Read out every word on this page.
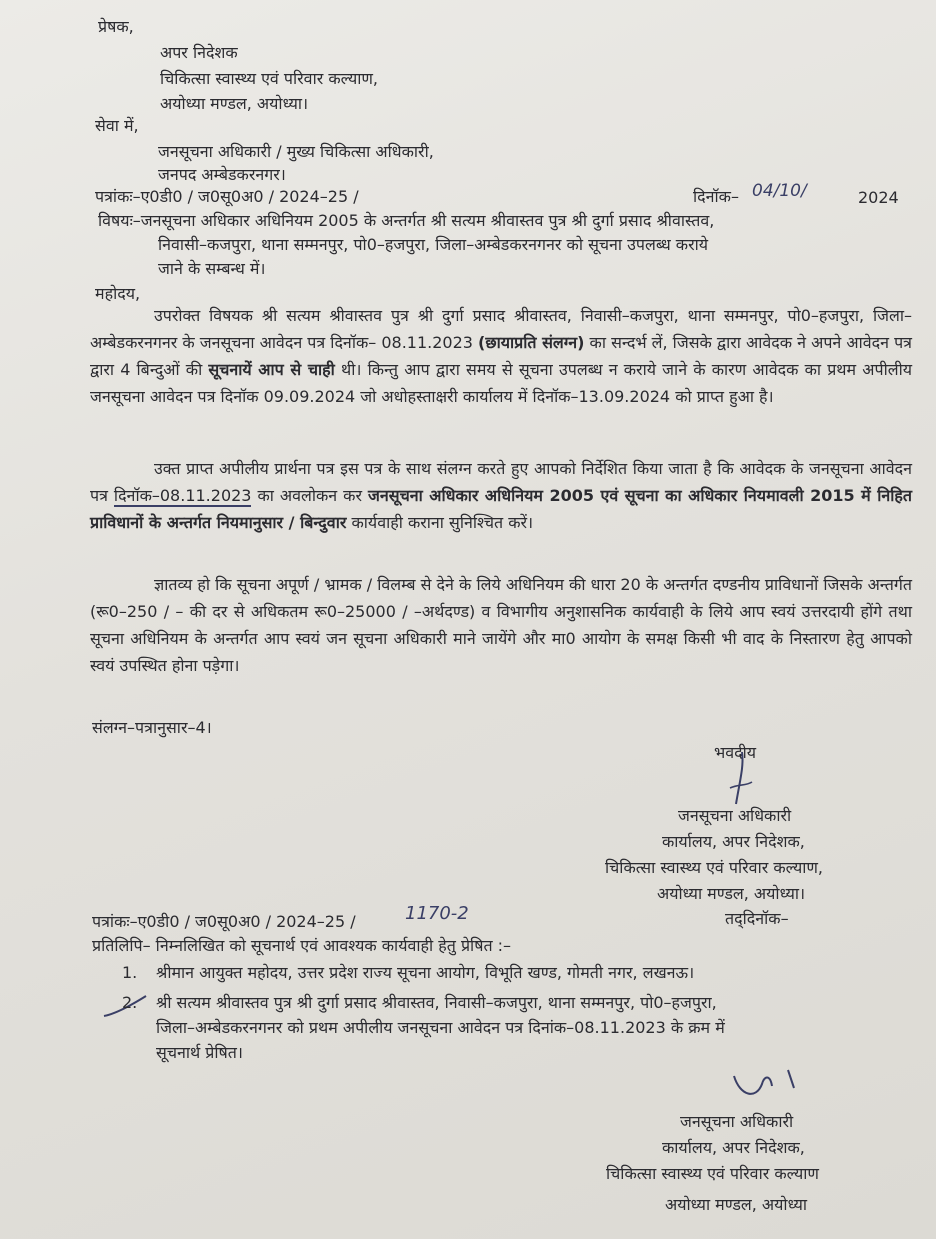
प्रेषक,
अपर निदेशक
चिकित्सा स्वास्थ्य एवं परिवार कल्याण,
अयोध्या मण्डल, अयोध्या।
सेवा में,
जनसूचना अधिकारी / मुख्य चिकित्सा अधिकारी,
जनपद अम्बेडकरनगर।
पत्रांकः–ए0डी0 / ज0सू0अ0 / 2024–25 /	दिनॉक– 04/10/	2024
विषयः–जनसूचना अधिकार अधिनियम 2005 के अन्तर्गत श्री सत्यम श्रीवास्तव पुत्र श्री दुर्गा प्रसाद श्रीवास्तव,
निवासी–कजपुरा, थाना सम्मनपुर, पो0–हजपुरा, जिला–अम्बेडकरनगनर को सूचना उपलब्ध कराये
जाने के सम्बन्ध में।
महोदय,
उपरोक्त विषयक श्री सत्यम श्रीवास्तव पुत्र श्री दुर्गा प्रसाद श्रीवास्तव, निवासी–कजपुरा, थाना सम्मनपुर, पो0–हजपुरा, जिला–अम्बेडकरनगनर के जनसूचना आवेदन पत्र दिनॉक– 08.11.2023 (छायाप्रति संलग्न) का सन्दर्भ लें, जिसके द्वारा आवेदक ने अपने आवेदन पत्र द्वारा 4 बिन्दुओं की सूचनायें आप से चाही थी। किन्तु आप द्वारा समय से सूचना उपलब्ध न कराये जाने के कारण आवेदक का प्रथम अपीलीय जनसूचना आवेदन पत्र दिनॉक 09.09.2024 जो अधोहस्ताक्षरी कार्यालय में दिनॉक–13.09.2024 को प्राप्त हुआ है।
उक्त प्राप्त अपीलीय प्रार्थना पत्र इस पत्र के साथ संलग्न करते हुए आपको निर्देशित किया जाता है कि आवेदक के जनसूचना आवेदन पत्र दिनॉक–08.11.2023 का अवलोकन कर जनसूचना अधिकार अधिनियम 2005 एवं सूचना का अधिकार नियमावली 2015 में निहित प्राविधानों के अन्तर्गत नियमानुसार / बिन्दुवार कार्यवाही कराना सुनिश्चित करें।
ज्ञातव्य हो कि सूचना अपूर्ण / भ्रामक / विलम्ब से देने के लिये अधिनियम की धारा 20 के अन्तर्गत दण्डनीय प्राविधानों जिसके अन्तर्गत (रू0–250 / – की दर से अधिकतम रू0–25000 / –अर्थदण्ड) व विभागीय अनुशासनिक कार्यवाही के लिये आप स्वयं उत्तरदायी होंगे तथा सूचना अधिनियम के अन्तर्गत आप स्वयं जन सूचना अधिकारी माने जायेंगे और मा0 आयोग के समक्ष किसी भी वाद के निस्तारण हेतु आपको स्वयं उपस्थित होना पड़ेगा।
संलग्न–पत्रानुसार–4।
भवदीय
जनसूचना अधिकारी
कार्यालय, अपर निदेशक,
चिकित्सा स्वास्थ्य एवं परिवार कल्याण,
अयोध्या मण्डल, अयोध्या।
पत्रांकः–ए0डी0 / ज0सू0अ0 / 2024–25 /	1170-2	तद्‌दिनॉक–
प्रतिलिपि– निम्नलिखित को सूचनार्थ एवं आवश्यक कार्यवाही हेतु प्रेषित :–
1. श्रीमान आयुक्त महोदय, उत्तर प्रदेश राज्य सूचना आयोग, विभूति खण्ड, गोमती नगर, लखनऊ।
2. श्री सत्यम श्रीवास्तव पुत्र श्री दुर्गा प्रसाद श्रीवास्तव, निवासी–कजपुरा, थाना सम्मनपुर, पो0–हजपुरा,
जिला–अम्बेडकरनगनर को प्रथम अपीलीय जनसूचना आवेदन पत्र दिनांक–08.11.2023 के क्रम में
सूचनार्थ प्रेषित।
जनसूचना अधिकारी
कार्यालय, अपर निदेशक,
चिकित्सा स्वास्थ्य एवं परिवार कल्याण
अयोध्या मण्डल, अयोध्या
